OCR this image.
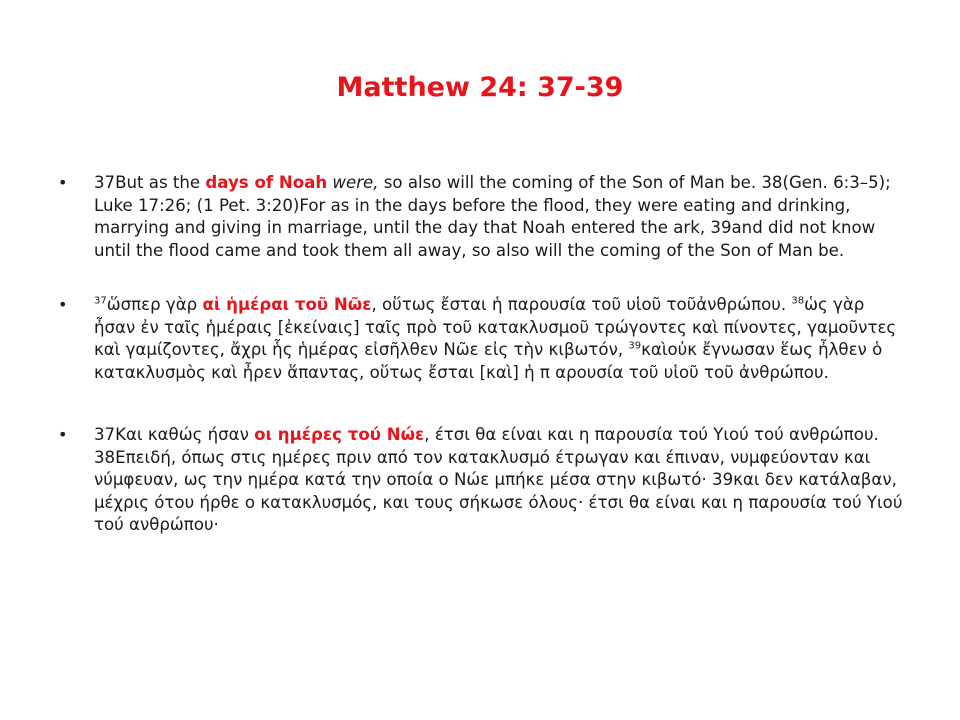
Matthew 24: 37-39
• 37But as the days of Noah were, so also will the coming of the Son of Man be. 38(Gen. 6:3–5); Luke 17:26; (1 Pet. 3:20)For as in the days before the flood, they were eating and drinking, marrying and giving in marriage, until the day that Noah entered the ark, 39and did not know until the flood came and took them all away, so also will the coming of the Son of Man be.
•	$^{37}$ὥσπερ γὰρ αἱ ἡμέραι τοῦ Νῶε, οὕτως ἔσται ἡ παρουσία τοῦ υἱοῦ τοῦἀνθρώπου. $^{38}$ὡς γὰρ ἦσαν ἐν ταῖς ἡμέραις [ἐκείναις] ταῖς πρὸ τοῦ κατακλυσμοῦ τρώγοντες καὶ πίνοντες, γαμοῦντες καὶ γαμίζοντες, ἄχρι ἧς ἡμέρας εἰσῆλθεν Νῶε εἰς τὴν κιβωτόν, $^{39}$καὶοὐκ ἔγνωσαν ἕως ἦλθεν ὁ κατακλυσμὸς καὶ ἦρεν ἅπαντας, οὕτως ἔσται [καὶ] ἡ π αρουσία τοῦ υἱοῦ τοῦ ἀνθρώπου.
• 37Και καθώς ήσαν οι ημέρες τού Νώε, έτσι θα είναι και η παρουσία τού Υιού τού ανθρώπου. 38Επειδή, όπως στις ημέρες πριν από τον κατακλυσμό έτρωγαν και έπιναν, νυμφεύονταν και νύμφευαν, ως την ημέρα κατά την οποία ο Νώε μπήκε μέσα στην κιβωτό· 39και δεν κατάλαβαν, μέχρις ότου ήρθε ο κατακλυσμός, και τους σήκωσε όλους· έτσι θα είναι και η παρουσία τού Υιού τού ανθρώπου·
